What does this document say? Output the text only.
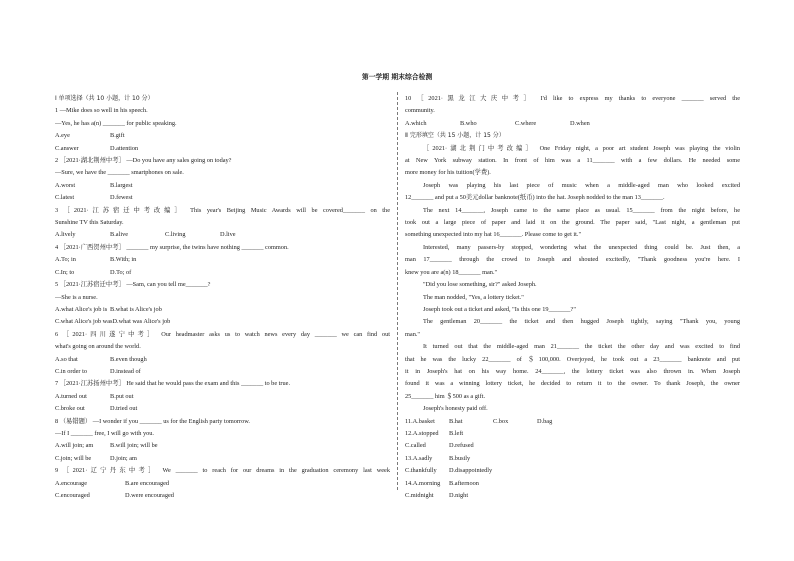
第一学期 期末综合检测
I 单项选择（共 10 小题，计 10 分）
1 —Mike does so well in his speech.
—Yes, he has a(n) _______ for public speaking.
A.eye	B.gift
C.answer	D.attention
2 ［2021·湖北荆州中考］ —Do you have any sales going on today?
—Sure, we have the _______ smartphones on sale.
A.worst	B.largest
C.latest	D.fewest
3 ［2021·江苏宿迁中考改编］ This year's Beijing Music Awards will be covered_______ on the
Sunshine TV this Saturday.
A.lively	B.alive	C.living	D.live
4 ［2021·广西贺州中考］ _______ my surprise, the twins have nothing _______ common.
A.To; in	B.With; in
C.In; to	D.To; of
5 ［2021·江苏宿迁中考］ —Sam, can you tell me_______?
—She is a nurse.
A.what Alice's job is B.what is Alice's job
C.what Alice's job wasD.what was Alice's job
6 ［2021·四川遂宁中考］ Our headmaster asks us to watch news every day _______ we can find out
what's going on around the world.
A.so that	B.even though
C.in order to	D.instead of
7 ［2021·江苏扬州中考］ He said that he would pass the exam and this _______ to be true.
A.turned out	B.put out
C.broke out	D.tried out
8 （易错题） —I wonder if you _______ us for the English party tomorrow.
—If I _______ free, I will go with you.
A.will join; am	B.will join; will be
C.join; will be	D.join; am
9 ［2021·辽宁丹东中考］ We _______ to reach for our dreams in the graduation ceremony last week
A.encourage	B.are encouraged
C.encouraged	D.were encouraged
10 ［2021·黑龙江大庆中考］ I'd like to express my thanks to everyone _______ served the
community.
A.which	B.who	C.where	D.when
Ⅱ 完形填空（共 15 小题，计 15 分）
［2021·湖北荆门中考改编］ One Friday night, a poor art student Joseph was playing the violin
at New York subway station. In front of him was a 11_______ with a few dollars. He needed some
more money for his tuition(学费).
Joseph was playing his last piece of music when a middle-aged man who looked excited
12_______ and put a 50美元dollar banknote(纸币) into the hat. Joseph nodded to the man 13_______.
The next 14_______, Joseph came to the same place as usual. 15_______ from the night before, he
took out a large piece of paper and laid it on the ground. The paper said, "Last night, a gentleman put
something unexpected into my hat 16_______. Please come to get it."
Interested, many passers-by stopped, wondering what the unexpected thing could be. Just then, a
man 17_______ through the crowd to Joseph and shouted excitedly, "Thank goodness you're here. I
knew you are a(n) 18_______ man."
"Did you lose something, sir?" asked Joseph.
The man nodded, "Yes, a lottery ticket."
Joseph took out a ticket and asked, "Is this one 19_______?"
The gentleman 20_______ the ticket and then hugged Joseph tightly, saying "Thank you, young
man."
It turned out that the middle-aged man 21_______ the ticket the other day and was excited to find
that he was the lucky 22_______ of ＄100,000. Overjoyed, he took out a 23_______ banknote and put
it in Joseph's hat on his way home. 24_______, the lottery ticket was also thrown in. When Joseph
found it was a winning lottery ticket, he decided to return it to the owner. To thank Joseph, the owner
25_______ him ＄500 as a gift.
Joseph's honesty paid off.
11.A.basket B.hat	C.box	D.bag
12.A.stopped B.left
C.called	D.refused
13.A.sadly	B.busily
C.thankfully D.disappointedly
14.A.morning B.afternoon
C.midnight D.night
